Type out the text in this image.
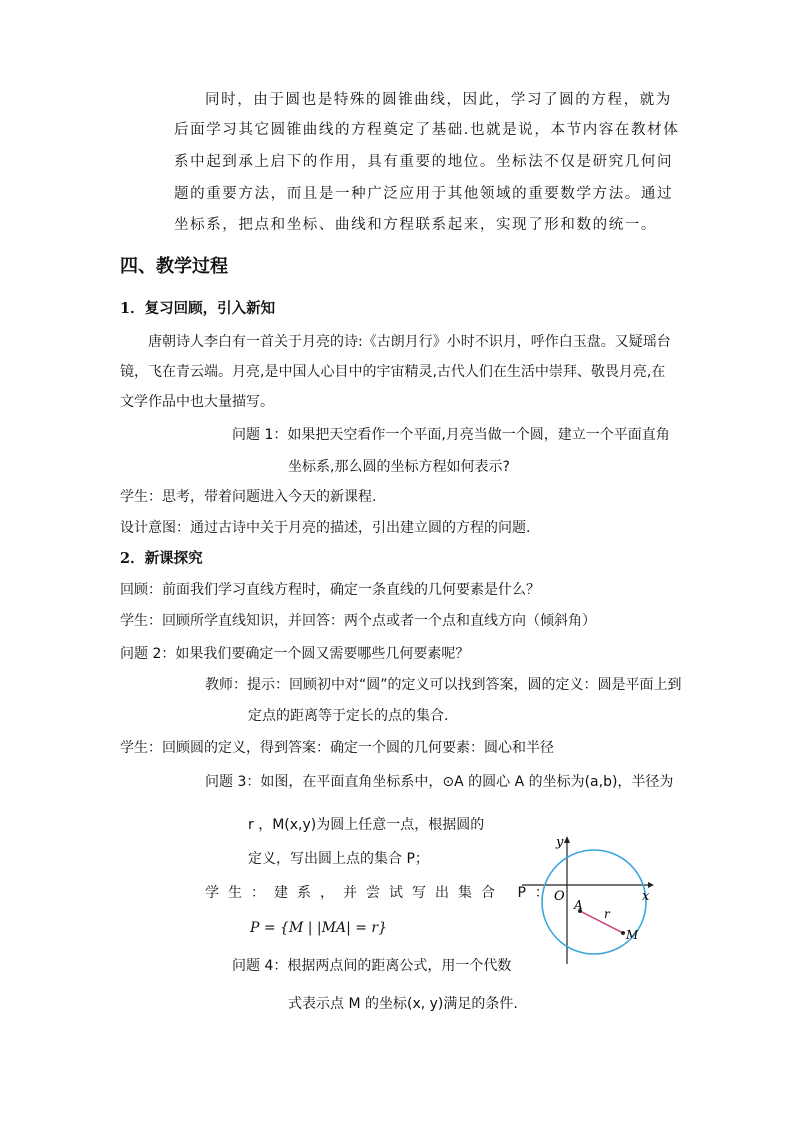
同时，由于圆也是特殊的圆锥曲线，因此，学习了圆的方程，就为

后面学习其它圆锥曲线的方程奠定了基础.也就是说，本节内容在教材体

系中起到承上启下的作用，具有重要的地位。坐标法不仅是研究几何问

题的重要方法，而且是一种广泛应用于其他领域的重要数学方法。通过

坐标系，把点和坐标、曲线和方程联系起来，实现了形和数的统一。

四、教学过程
1．复习回顾，引入新知

唐朝诗人李白有一首关于月亮的诗:《古朗月行》小时不识月，呼作白玉盘。又疑瑶台

镜，飞在青云端。月亮,是中国人心目中的宇宙精灵,古代人们在生活中崇拜、敬畏月亮,在

文学作品中也大量描写。

问题 1：如果把天空看作一个平面,月亮当做一个圆，建立一个平面直角

坐标系,那么圆的坐标方程如何表示?

学生：思考，带着问题进入今天的新课程.

设计意图：通过古诗中关于月亮的描述，引出建立圆的方程的问题.

2．新课探究

回顾：前面我们学习直线方程时，确定一条直线的几何要素是什么？

学生：回顾所学直线知识，并回答：两个点或者一个点和直线方向（倾斜角）

问题 2：如果我们要确定一个圆又需要哪些几何要素呢？

教师：提示：回顾初中对“圆”的定义可以找到答案，圆的定义：圆是平面上到

定点的距离等于定长的点的集合.

学生：回顾圆的定义，得到答案：确定一个圆的几何要素：圆心和半径

问题 3：如图，在平面直角坐标系中，⊙A 的圆心 A 的坐标为(a,b)，半径为

r ，M(x,y)为圆上任意一点，根据圆的

定义，写出圆上点的集合 P；

学生：建系，并尝试写出集合 P：

P = {M | |MA| = r}

问题 4：根据两点间的距离公式，用一个代数

式表示点 M 的坐标(x, y)满足的条件.

y
x
O
A
r
M
